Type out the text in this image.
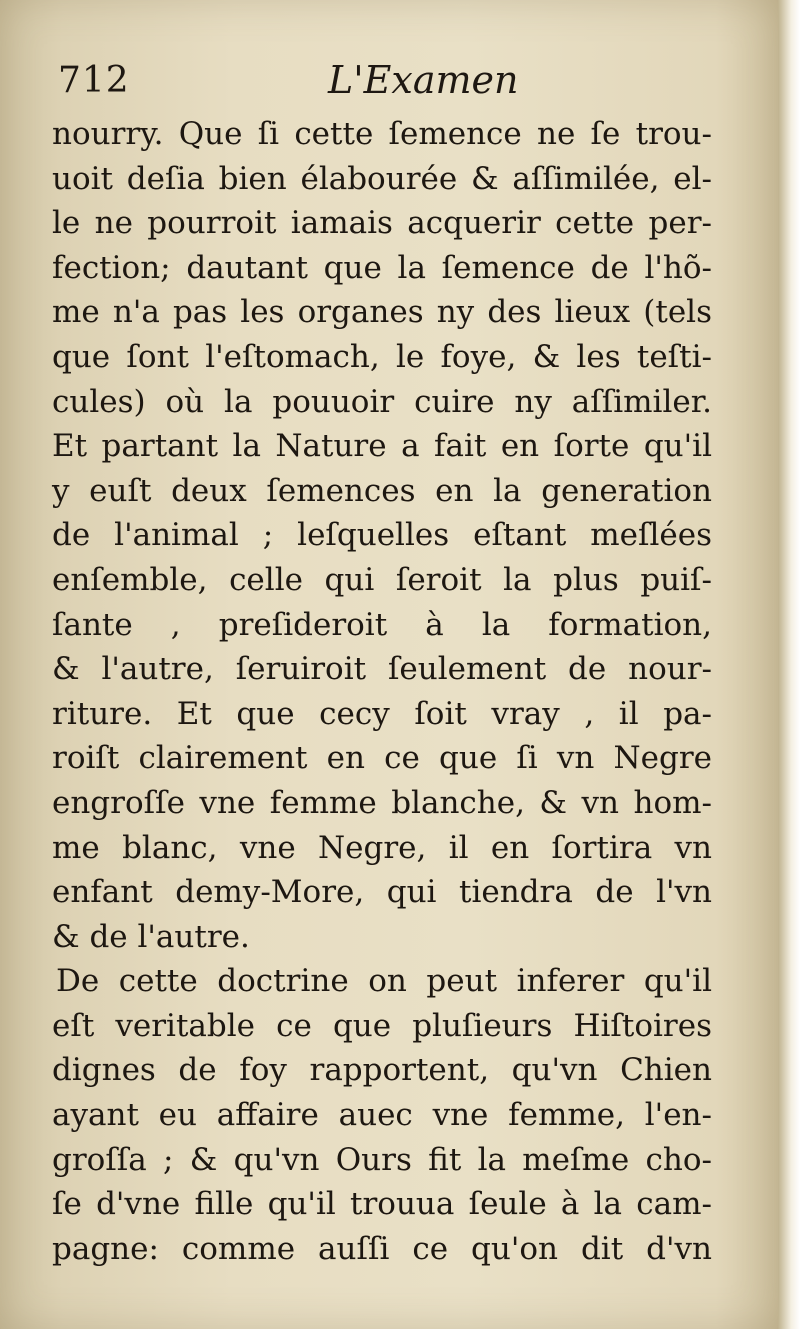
712	L'Examen
nourry. Que ſi cette ſemence ne ſe trou-
uoit deſia bien élabourée & aſſimilée, el-
le ne pourroit iamais acquerir cette per-
fection; dautant que la ſemence de l'hõ-
me n'a pas les organes ny des lieux (tels
que ſont l'eſtomach, le foye, & les teſti-
cules) où la pouuoir cuire ny aſſimiler.
Et partant la Nature a fait en ſorte qu'il
y euſt deux ſemences en la generation
de l'animal ; leſquelles eſtant meſlées
enſemble, celle qui ſeroit la plus puiſ-
ſante , preſideroit à la formation,
& l'autre, ſeruiroit ſeulement de nour-
riture. Et que cecy ſoit vray , il pa-
roiſt clairement en ce que ſi vn Negre
engroſſe vne femme blanche, & vn hom-
me blanc, vne Negre, il en ſortira vn
enfant demy-More, qui tiendra de l'vn
& de l'autre.
De cette doctrine on peut inferer qu'il
eſt veritable ce que pluſieurs Hiſtoires
dignes de foy rapportent, qu'vn Chien
ayant eu affaire auec vne femme, l'en-
groſſa ; & qu'vn Ours fit la meſme cho-
ſe d'vne fille qu'il trouua ſeule à la cam-
pagne: comme auſſi ce qu'on dit d'vn
